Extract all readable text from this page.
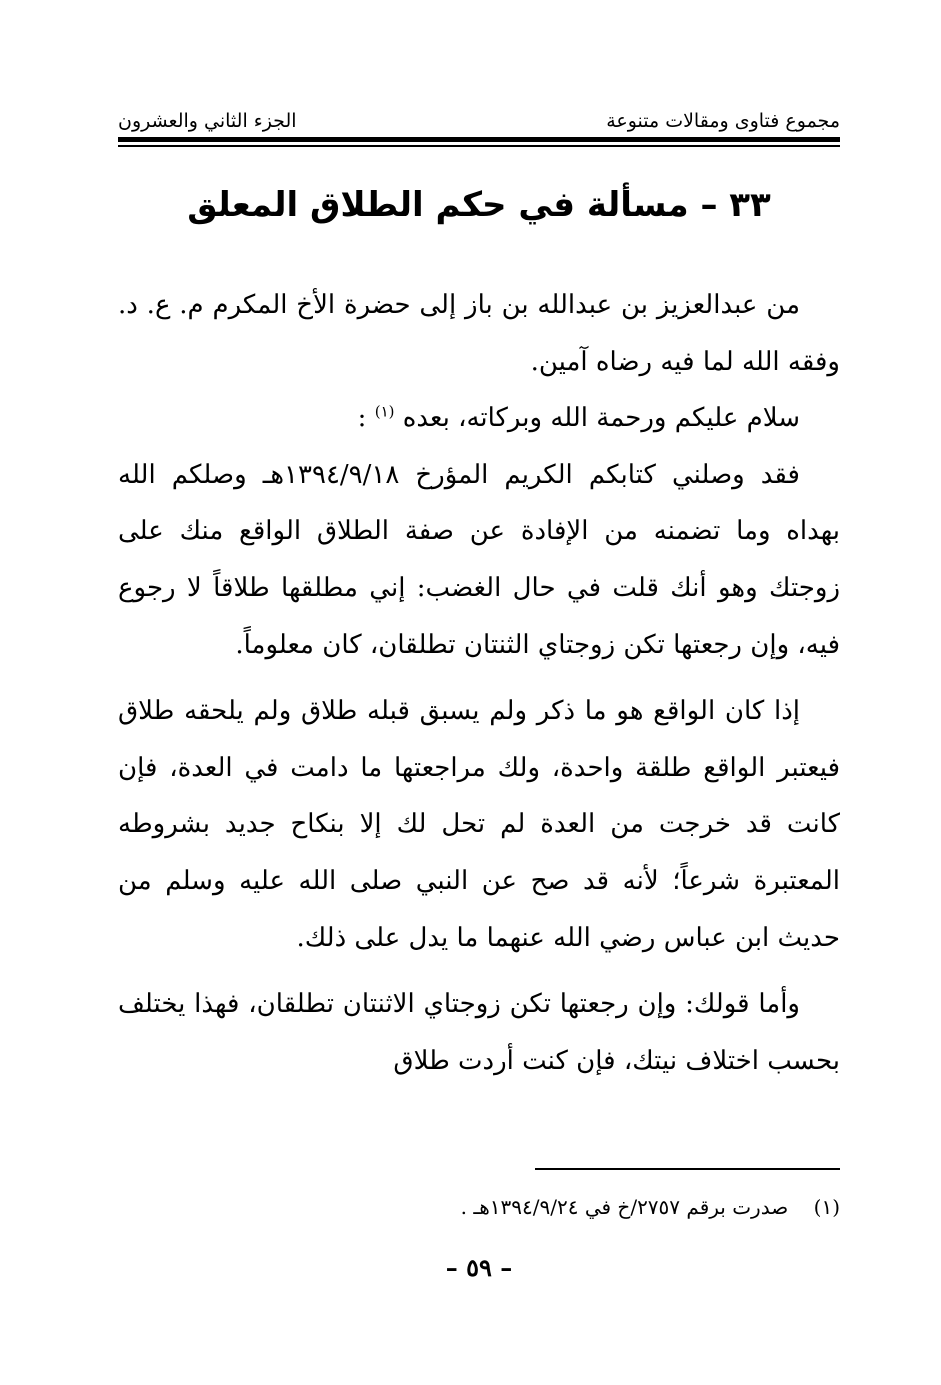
مجموع فتاوى ومقالات متنوعة
الجزء الثاني والعشرون
٣٣ – مسألة في حكم الطلاق المعلق

من عبدالعزيز بن عبدالله بن باز إلى حضرة الأخ المكرم م. ع. د. وفقه الله لما فيه رضاه آمين.

سلام عليكم ورحمة الله وبركاته، بعده $^{(١)}$ :

فقد وصلني كتابكم الكريم المؤرخ ١٣٩٤/٩/١٨هـ وصلكم الله بهداه وما تضمنه من الإفادة عن صفة الطلاق الواقع منك على زوجتك وهو أنك قلت في حال الغضب: إني مطلقها طلاقاً لا رجوع فيه، وإن رجعتها تكن زوجتاي الثنتان تطلقان، كان معلوماً.

إذا كان الواقع هو ما ذكر ولم يسبق قبله طلاق ولم يلحقه طلاق فيعتبر الواقع طلقة واحدة، ولك مراجعتها ما دامت في العدة، فإن كانت قد خرجت من العدة لم تحل لك إلا بنكاح جديد بشروطه المعتبرة شرعاً؛ لأنه قد صح عن النبي صلى الله عليه وسلم من حديث ابن عباس رضي الله عنهما ما يدل على ذلك.

وأما قولك: وإن رجعتها تكن زوجتاي الاثنتان تطلقان، فهذا يختلف بحسب اختلاف نيتك، فإن كنت أردت طلاق

(١)    صدرت برقم ٢٧٥٧/خ في ١٣٩٤/٩/٢٤هـ .
– ٥٩ –
